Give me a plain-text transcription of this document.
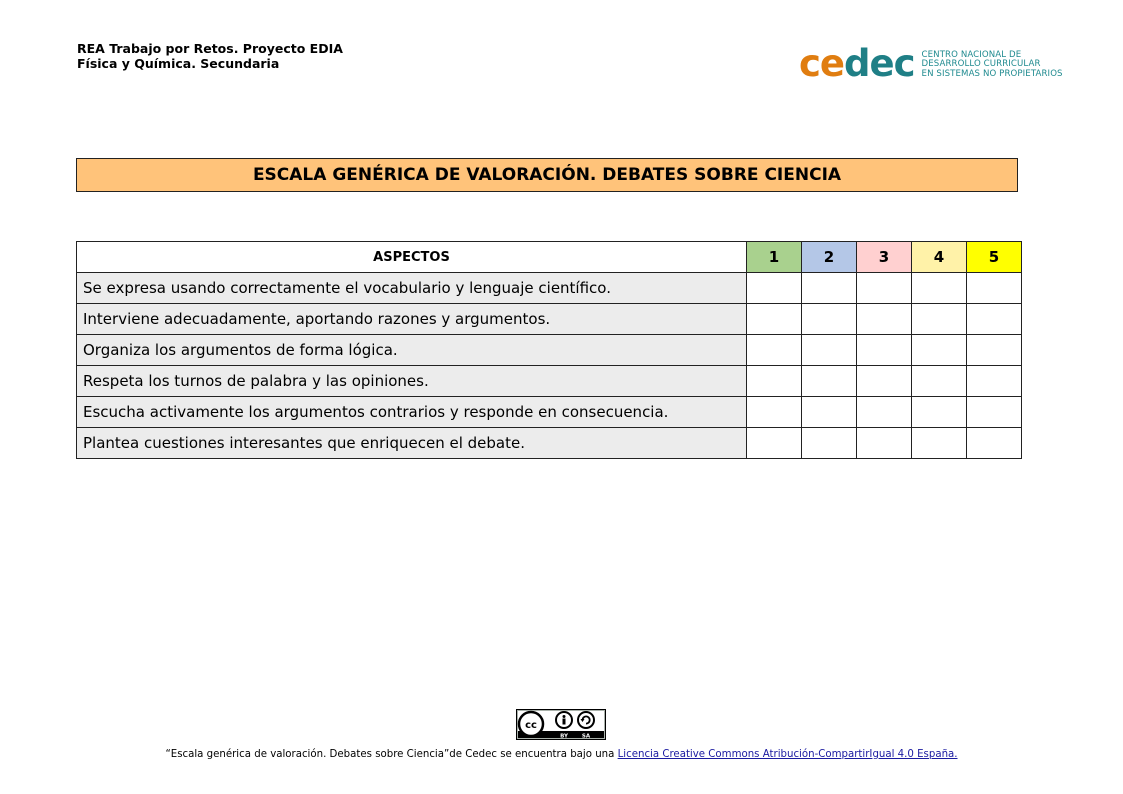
REA Trabajo por Retos. Proyecto EDIA
Física y Química. Secundaria	cedec CENTRO NACIONAL DE
DESARROLLO CURRICULAR
EN SISTEMAS NO PROPIETARIOS
ESCALA GENÉRICA DE VALORACIÓN. DEBATES SOBRE CIENCIA
ASPECTOS	1	2	3	4	5
Se expresa usando correctamente el vocabulario y lenguaje científico.					
Interviene adecuadamente, aportando razones y argumentos.					
Organiza los argumentos de forma lógica.					
Respeta los turnos de palabra y las opiniones.					
Escucha activamente los argumentos contrarios y responde en consecuencia.					
Plantea cuestiones interesantes que enriquecen el debate.					
cc
BY	SA
“Escala genérica de valoración. Debates sobre Ciencia”de Cedec se encuentra bajo una Licencia Creative Commons Atribución-CompartirIgual 4.0 España.
